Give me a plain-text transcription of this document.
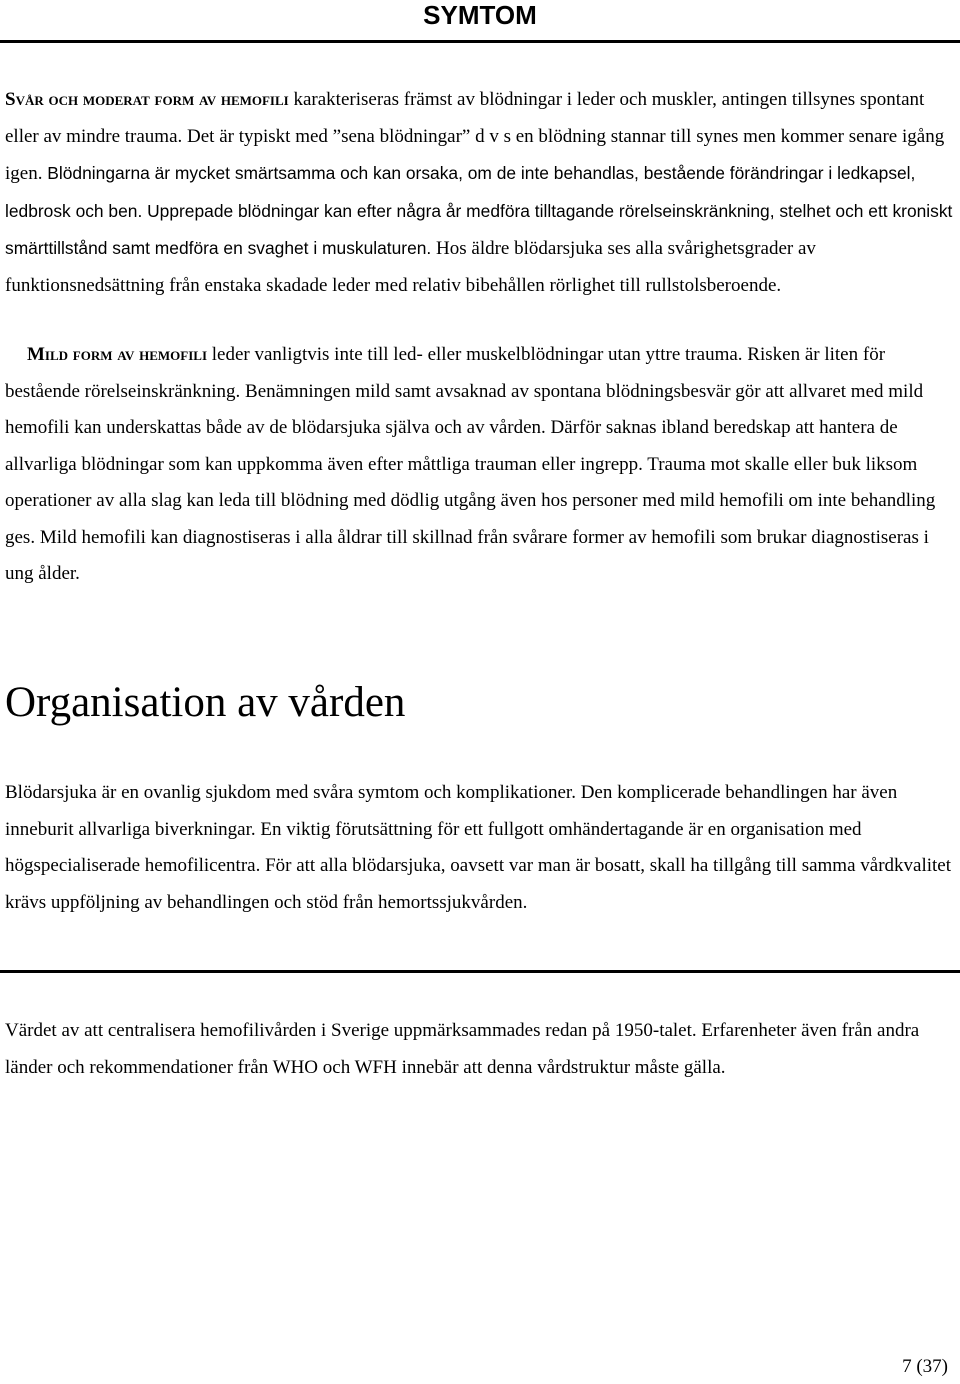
SYMTOM

Svår och moderat form av hemofili karakteriseras främst av blödningar i leder och muskler, antingen tillsynes spontant eller av mindre trauma. Det är typiskt med ”sena blödningar” d v s en blödning stannar till synes men kommer senare igång igen. Blödningarna är mycket smärtsamma och kan orsaka, om de inte behandlas, bestående förändringar i ledkapsel, ledbrosk och ben. Upprepade blödningar kan efter några år medföra tilltagande rörelseinskränkning, stelhet och ett kroniskt smärttillstånd samt medföra en svaghet i muskulaturen. Hos äldre blödarsjuka ses alla svårighetsgrader av funktionsnedsättning från enstaka skadade leder med relativ bibehållen rörlighet till rullstolsberoende.

Mild form av hemofili leder vanligtvis inte till led- eller muskelblödningar utan yttre trauma. Risken är liten för bestående rörelseinskränkning. Benämningen mild samt avsaknad av spontana blödningsbesvär gör att allvaret med mild hemofili kan underskattas både av de blödarsjuka själva och av vården. Därför saknas ibland beredskap att hantera de allvarliga blödningar som kan uppkomma även efter måttliga trauman eller ingrepp. Trauma mot skalle eller buk liksom operationer av alla slag kan leda till blödning med dödlig utgång även hos personer med mild hemofili om inte behandling ges. Mild hemofili kan diagnostiseras i alla åldrar till skillnad från svårare former av hemofili som brukar diagnostiseras i ung ålder.

Organisation av vården

Blödarsjuka är en ovanlig sjukdom med svåra symtom och komplikationer. Den komplicerade behandlingen har även inneburit allvarliga biverkningar. En viktig förutsättning för ett fullgott omhändertagande är en organisation med högspecialiserade hemofilicentra. För att alla blödarsjuka, oavsett var man är bosatt, skall ha tillgång till samma vårdkvalitet krävs uppföljning av behandlingen och stöd från hemortssjukvården.

Värdet av att centralisera hemofilivården i Sverige uppmärksammades redan på 1950-talet. Erfarenheter även från andra länder och rekommendationer från WHO och WFH innebär att denna vårdstruktur måste gälla.

7 (37)
